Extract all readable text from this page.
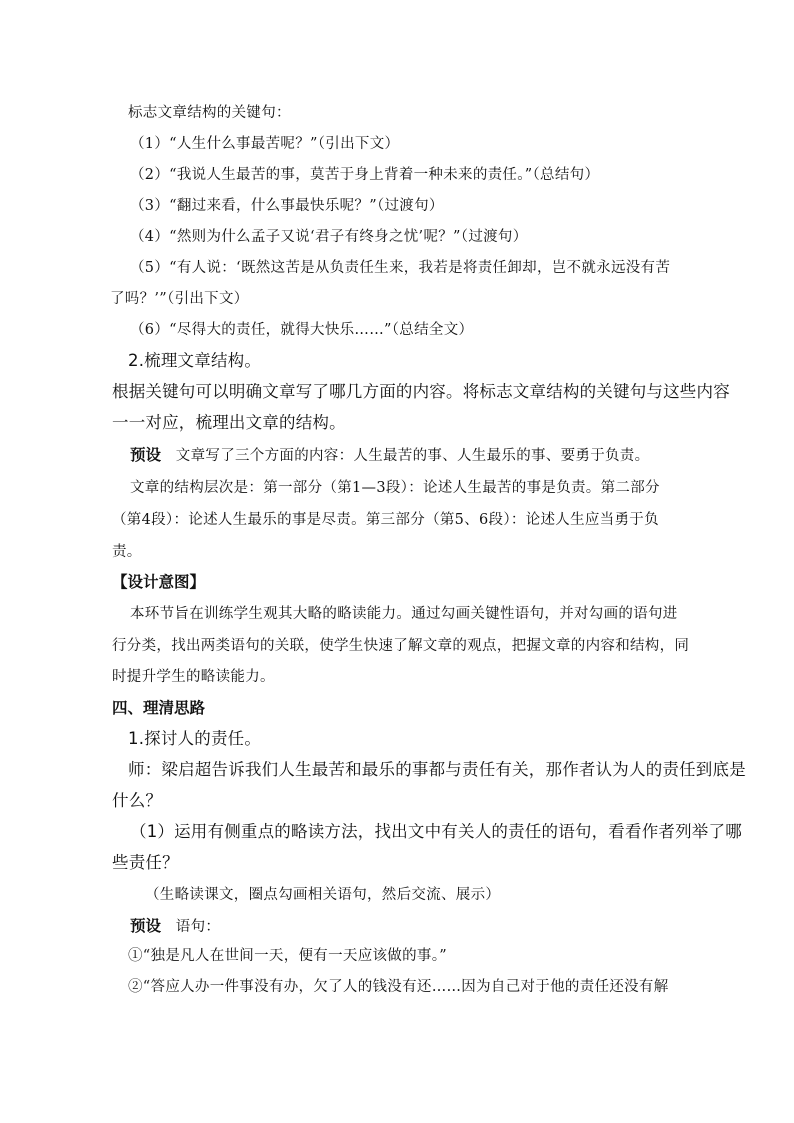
标志文章结构的关键句：
（1）“人生什么事最苦呢？”（引出下文）
（2）“我说人生最苦的事，莫苦于身上背着一种未来的责任。”（总结句）
（3）“翻过来看，什么事最快乐呢？”（过渡句）
（4）“然则为什么孟子又说‘君子有终身之忧’呢？”（过渡句）
（5）“有人说：‘既然这苦是从负责任生来，我若是将责任卸却，岂不就永远没有苦
了吗？’”（引出下文）
（6）“尽得大的责任，就得大快乐……”（总结全文）
2.梳理文章结构。
根据关键句可以明确文章写了哪几方面的内容。将标志文章结构的关键句与这些内容
一一对应，梳理出文章的结构。
预设 文章写了三个方面的内容：人生最苦的事、人生最乐的事、要勇于负责。
文章的结构层次是：第一部分（第1—3段）：论述人生最苦的事是负责。第二部分
（第4段）：论述人生最乐的事是尽责。第三部分（第5、6段）：论述人生应当勇于负
责。
【设计意图】
本环节旨在训练学生观其大略的略读能力。通过勾画关键性语句，并对勾画的语句进
行分类，找出两类语句的关联，使学生快速了解文章的观点，把握文章的内容和结构，同
时提升学生的略读能力。
四、理清思路
1.探讨人的责任。
师：梁启超告诉我们人生最苦和最乐的事都与责任有关，那作者认为人的责任到底是
什么？
（1）运用有侧重点的略读方法，找出文中有关人的责任的语句，看看作者列举了哪
些责任？
（生略读课文，圈点勾画相关语句，然后交流、展示）
预设 语句：
①“独是凡人在世间一天，便有一天应该做的事。”
②“答应人办一件事没有办，欠了人的钱没有还……因为自己对于他的责任还没有解
